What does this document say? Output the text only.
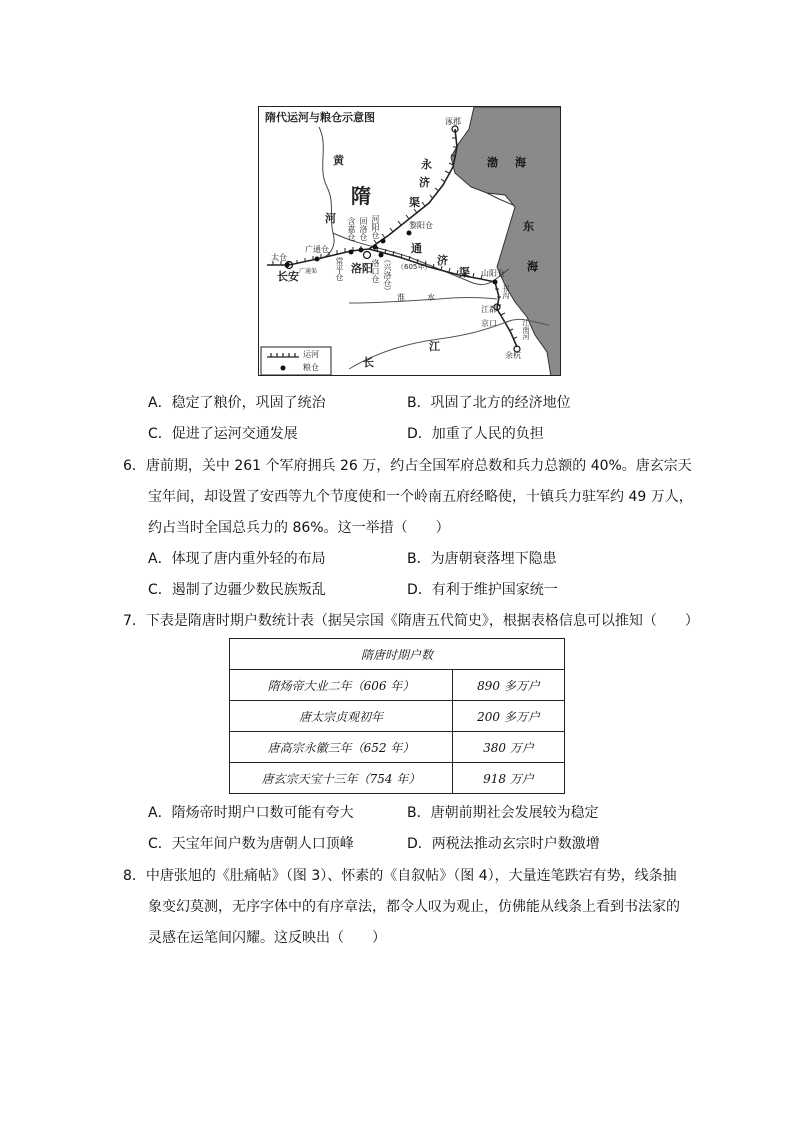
隋代运河与粮仓示意图
隋
黄
河
涿郡
永
济
渠
渤 海
东
海
太仓
广通仓
广通渠
长安	常平仓
含嘉仓 回洛仓 河阳仓	黎阳仓
洛阳
洛口仓 （兴洛仓） （605年）
通
济
渠 山阳仓
邗沟
江都
京口	江南河
余杭
淮	水
长
江
运河
粮仓
A．稳定了粮价，巩固了统治	B．巩固了北方的经济地位
C．促进了运河交通发展	D．加重了人民的负担
6．唐前期，关中 261 个军府拥兵 26 万，约占全国军府总数和兵力总额的 40%。唐玄宗天
宝年间，却设置了安西等九个节度使和一个岭南五府经略使，十镇兵力驻军约 49 万人，
约占当时全国总兵力的 86%。这一举措（　　）
A．体现了唐内重外轻的布局	B．为唐朝衰落埋下隐患
C．遏制了边疆少数民族叛乱	D．有利于维护国家统一
7．下表是隋唐时期户数统计表（据吴宗国《隋唐五代简史》，根据表格信息可以推知（　　）
隋唐时期户数	
隋炀帝大业二年（606 年）	890 多万户
唐太宗贞观初年	200 多万户
唐高宗永徽三年（652 年）	380 万户
唐玄宗天宝十三年（754 年）	918 万户
A．隋炀帝时期户口数可能有夸大	B．唐朝前期社会发展较为稳定
C．天宝年间户数为唐朝人口顶峰	D．两税法推动玄宗时户数激增
8．中唐张旭的《肚痛帖》（图 3）、怀素的《自叙帖》（图 4），大量连笔跌宕有势，线条抽
象变幻莫测，无序字体中的有序章法，都令人叹为观止，仿佛能从线条上看到书法家的
灵感在运笔间闪耀。这反映出（　　）
